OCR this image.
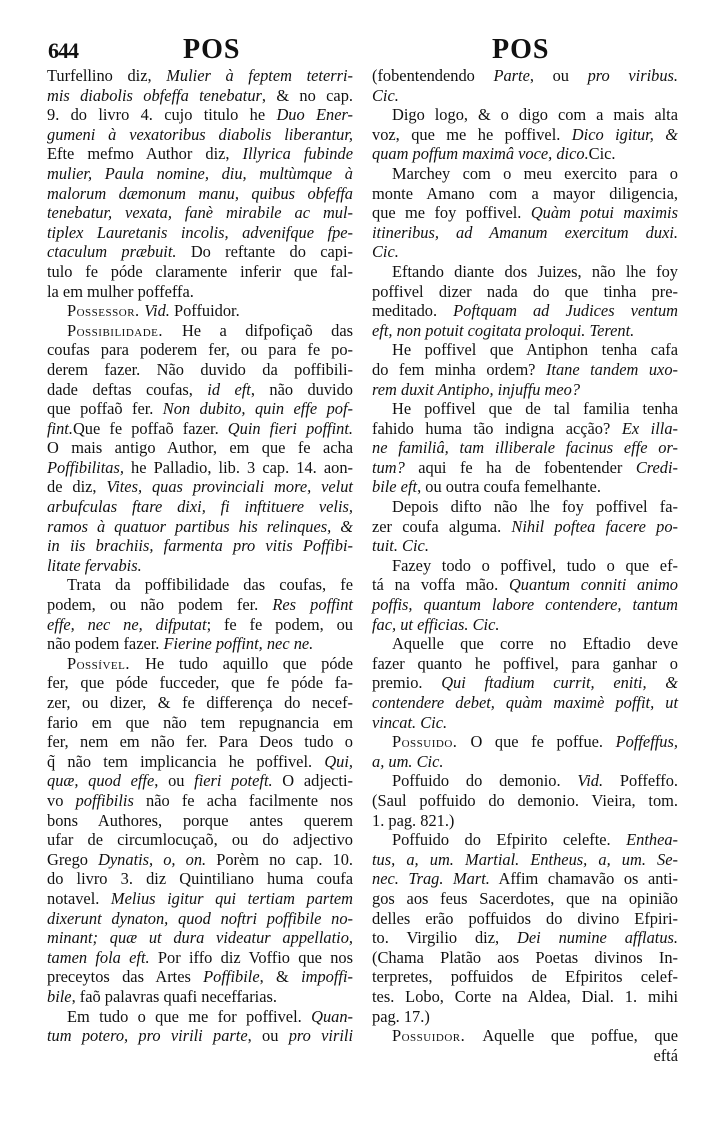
644	POS	POS
Turfellino diz, Mulier à feptem teterri-
mis diabolis obfeffa tenebatur, & no cap.
9. do livro 4. cujo titulo he Duo Ener-
gumeni à vexatoribus diabolis liberantur,
Efte mefmo Author diz, Illyrica fubinde
mulier, Paula nomine, diu, multùmque à
malorum dæmonum manu, quibus obfeffa
tenebatur, vexata, fanè mirabile ac mul-
tiplex Lauretanis incolis, advenifque fpe-
ctaculum præbuit. Do reftante do capi-
tulo fe póde claramente inferir que fal-
la em mulher poffeffa.
Possessor. Vid. Poffuidor.
Possibilidade. He a difpofiçaõ das
coufas para poderem fer, ou para fe po-
derem fazer. Não duvido da poffibili-
dade deftas coufas, id eft, não duvido
que poffaõ fer. Non dubito, quin effe pof-
fint.Que fe poffaõ fazer. Quin fieri poffint.
O mais antigo Author, em que fe acha
Poffibilitas, he Palladio, lib. 3 cap. 14. aon-
de diz, Vites, quas provinciali more, velut
arbufculas ftare dixi, fi inftituere velis,
ramos à quatuor partibus his relinques, &
in iis brachiis, farmenta pro vitis Poffibi-
litate fervabis.
Trata da poffibilidade das coufas, fe
podem, ou não podem fer. Res poffint
effe, nec ne, difputat; fe fe podem, ou
não podem fazer. Fierine poffint, nec ne.
Possível. He tudo aquillo que póde
fer, que póde fucceder, que fe póde fa-
zer, ou dizer, & fe differença do necef-
fario em que não tem repugnancia em
fer, nem em não fer. Para Deos tudo o
q̃ não tem implicancia he poffivel. Qui,
quæ, quod effe, ou fieri poteft. O adjecti-
vo poffibilis não fe acha facilmente nos
bons Authores, porque antes querem
ufar de circumlocuçaõ, ou do adjectivo
Grego Dynatis, o, on. Porèm no cap. 10.
do livro 3. diz Quintiliano huma coufa
notavel. Melius igitur qui tertiam partem
dixerunt dynaton, quod noftri poffibile no-
minant; quæ ut dura videatur appellatio,
tamen fola eft. Por iffo diz Voffio que nos
preceytos das Artes Poffibile, & impoffi-
bile, faõ palavras quafi neceffarias.
Em tudo o que me for poffivel. Quan-
tum potero, pro virili parte, ou pro virili
(fobentendendo Parte, ou pro viribus.
Cic.
Digo logo, & o digo com a mais alta
voz, que me he poffivel. Dico igitur, &
quam poffum maximâ voce, dico.Cic.
Marchey com o meu exercito para o
monte Amano com a mayor diligencia,
que me foy poffivel. Quàm potui maximis
itineribus, ad Amanum exercitum duxi.
Cic.
Eftando diante dos Juizes, não lhe foy
poffivel dizer nada do que tinha pre-
meditado. Poftquam ad Judices ventum
eft, non potuit cogitata proloqui. Terent.
He poffivel que Antiphon tenha cafa
do fem minha ordem? Itane tandem uxo-
rem duxit Antipho, injuffu meo?
He poffivel que de tal familia tenha
fahido huma tão indigna acção? Ex illa-
ne familiâ, tam illiberale facinus effe or-
tum? aqui fe ha de fobentender Credi-
bile eft, ou outra coufa femelhante.
Depois difto não lhe foy poffivel fa-
zer coufa alguma. Nihil poftea facere po-
tuit. Cic.
Fazey todo o poffivel, tudo o que ef-
tá na voffa mão. Quantum conniti animo
poffis, quantum labore contendere, tantum
fac, ut efficias. Cic.
Aquelle que corre no Eftadio deve
fazer quanto he poffivel, para ganhar o
premio. Qui ftadium currit, eniti, &
contendere debet, quàm maximè poffit, ut
vincat. Cic.
Possuido. O que fe poffue. Poffeffus,
a, um. Cic.
Poffuido do demonio. Vid. Poffeffo.
(Saul poffuido do demonio. Vieira, tom.
1. pag. 821.)
Poffuido do Efpirito celefte. Enthea-
tus, a, um. Martial. Entheus, a, um. Se-
nec. Trag. Mart. Affim chamavão os anti-
gos aos feus Sacerdotes, que na opinião
delles erão poffuidos do divino Efpiri-
to. Virgilio diz, Dei numine afflatus.
(Chama Platão aos Poetas divinos In-
terpretes, poffuidos de Efpiritos celef-
tes. Lobo, Corte na Aldea, Dial. 1. mihi
pag. 17.)
Possuidor. Aquelle que poffue, que
eftá
